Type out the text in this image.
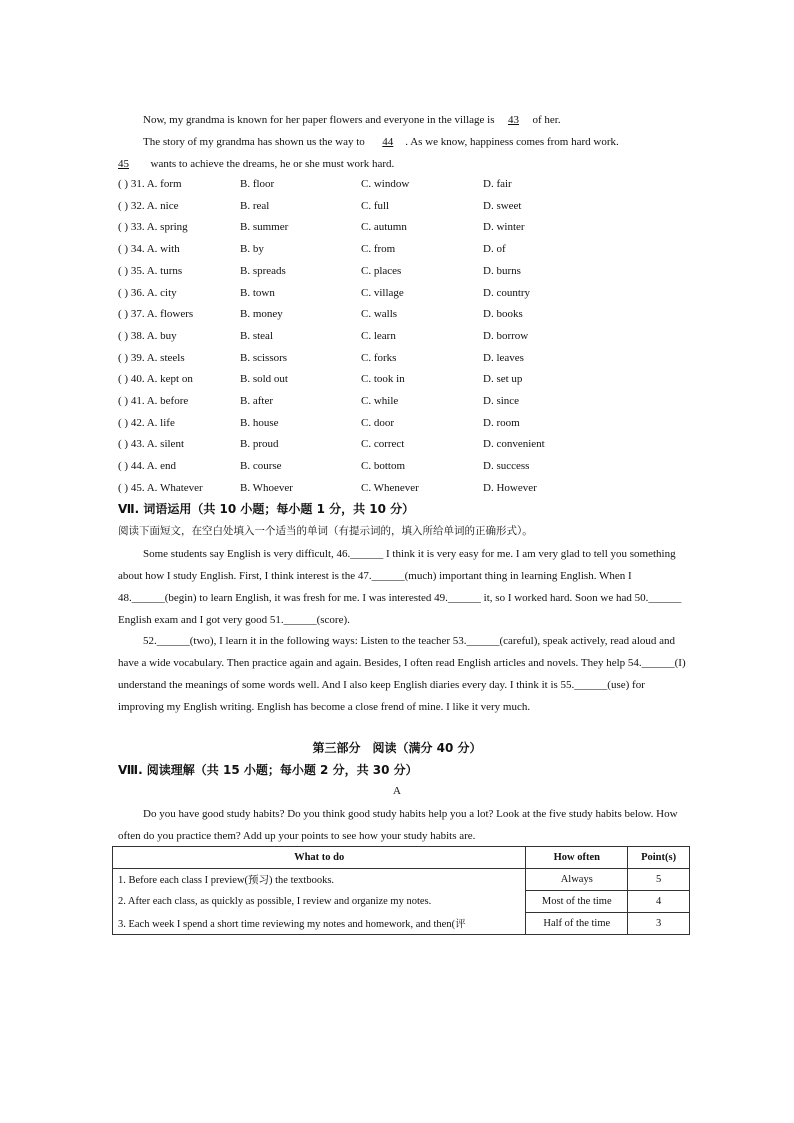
Now, my grandma is known for her paper flowers and everyone in the village is 43 of her.

The story of my grandma has shown us the way to 44 . As we know, happiness comes from hard work.

45 wants to achieve the dreams, he or she must work hard.

( ) 31. A. form	B. floor	C. window	D. fair
( ) 32. A. nice	B. real	C. full	D. sweet
( ) 33. A. spring	B. summer	C. autumn	D. winter
( ) 34. A. with	B. by	C. from	D. of
( ) 35. A. turns	B. spreads	C. places	D. burns
( ) 36. A. city	B. town	C. village	D. country
( ) 37. A. flowers	B. money	C. walls	D. books
( ) 38. A. buy	B. steal	C. learn	D. borrow
( ) 39. A. steels	B. scissors	C. forks	D. leaves
( ) 40. A. kept on	B. sold out	C. took in	D. set up
( ) 41. A. before	B. after	C. while	D. since
( ) 42. A. life	B. house	C. door	D. room
( ) 43. A. silent	B. proud	C. correct	D. convenient
( ) 44. A. end	B. course	C. bottom	D. success
( ) 45. A. Whatever	B. Whoever	C. Whenever	D. However
Ⅶ. 词语运用（共 10 小题；每小题 1 分，共 10 分）
阅读下面短文，在空白处填入一个适当的单词（有提示词的，填入所给单词的正确形式）。

Some students say English is very difficult, 46.______ I think it is very easy for me. I am very glad to tell you something about how I study English. First, I think interest is the 47.______(much) important thing in learning English. When I 48.______(begin) to learn English, it was fresh for me. I was interested 49.______ it, so I worked hard. Soon we had 50.______ English exam and I got very good 51.______(score).

52.______(two), I learn it in the following ways: Listen to the teacher 53.______(careful), speak actively, read aloud and have a wide vocabulary. Then practice again and again. Besides, I often read English articles and novels. They help 54.______(I) understand the meanings of some words well. And I also keep English diaries every day. I think it is 55.______(use) for improving my English writing. English has become a close frend of mine. I like it very much.

第三部分　阅读（满分 40 分）
Ⅷ. 阅读理解（共 15 小题；每小题 2 分，共 30 分）
A

Do you have good study habits? Do you think good study habits help you a lot? Look at the five study habits below. How often do you practice them? Add up your points to see how your study habits are.

What to do	How often	Point(s)
1. Before each class I preview(预习) the textbooks.	Always	5
2. After each class, as quickly as possible, I review and organize my notes.	Most of the time	4
3. Each week I spend a short time reviewing my notes and homework, and then(评	Half of the time	3
